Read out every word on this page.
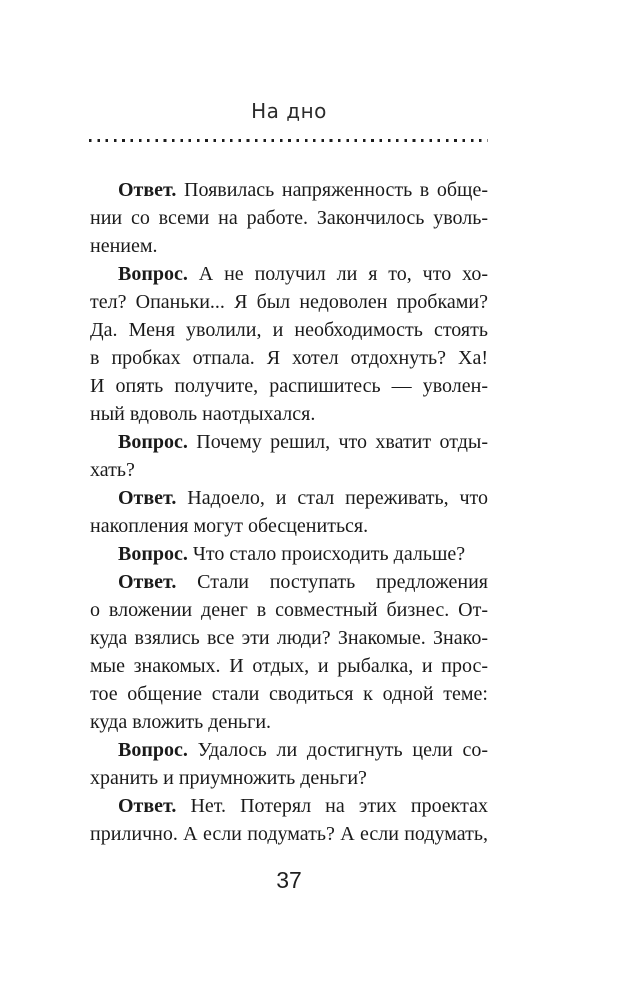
На дно
Ответ. Появилась напряженность в обще-
нии со всеми на работе. Закончилось уволь-
нением.
Вопрос. А не получил ли я то, что хо-
тел? Опаньки... Я был недоволен пробками?
Да. Меня уволили, и необходимость стоять
в пробках отпала. Я хотел отдохнуть? Ха!
И опять получите, распишитесь — уволен-
ный вдоволь наотдыхался.
Вопрос. Почему решил, что хватит отды-
хать?
Ответ. Надоело, и стал переживать, что
накопления могут обесцениться.
Вопрос. Что стало происходить дальше?
Ответ. Стали поступать предложения
о вложении денег в совместный бизнес. От-
куда взялись все эти люди? Знакомые. Знако-
мые знакомых. И отдых, и рыбалка, и прос-
тое общение стали сводиться к одной теме:
куда вложить деньги.
Вопрос. Удалось ли достигнуть цели со-
хранить и приумножить деньги?
Ответ. Нет. Потерял на этих проектах
прилично. А если подумать? А если подумать,
37
